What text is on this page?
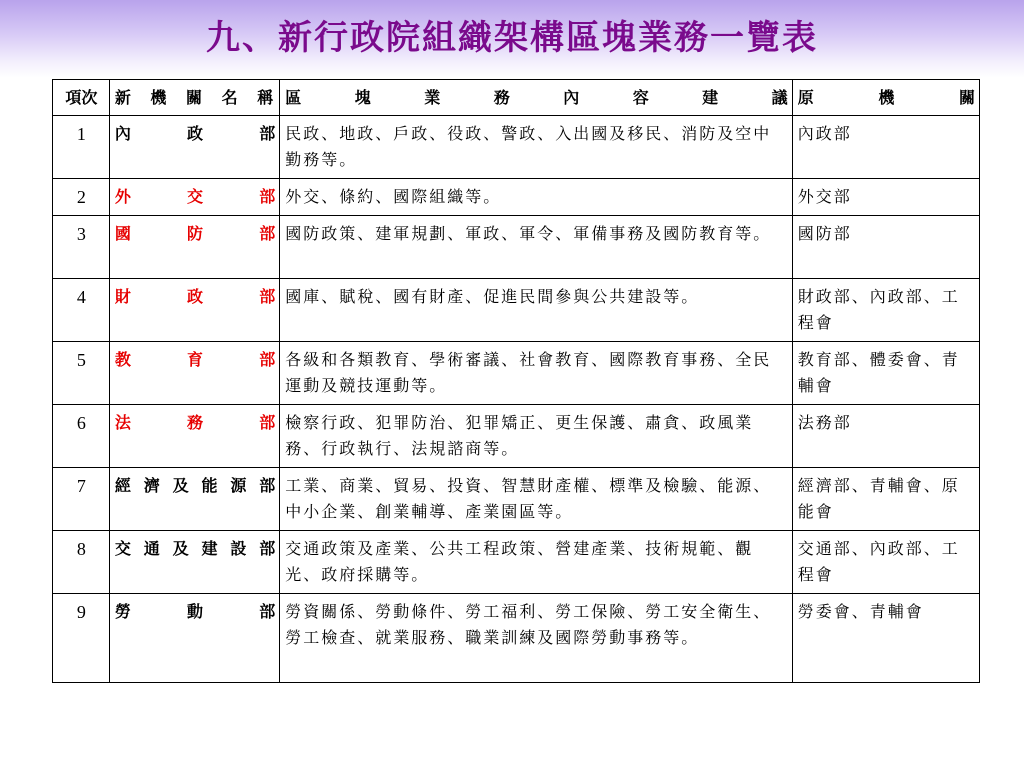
九、新行政院組織架構區塊業務一覽表
項次	新機關名稱	區塊業務內容建議	原機關
1	內政部	民政、地政、戶政、役政、警政、入出國及移民、消防及空中勤務等。	內政部
2	外交部	外交、條約、國際組織等。	外交部
3	國防部	國防政策、建軍規劃、軍政、軍令、軍備事務及國防教育等。	國防部
4	財政部	國庫、賦稅、國有財產、促進民間參與公共建設等。	財政部、內政部、工程會
5	教育部	各級和各類教育、學術審議、社會教育、國際教育事務、全民運動及競技運動等。	教育部、體委會、青輔會
6	法務部	檢察行政、犯罪防治、犯罪矯正、更生保護、肅貪、政風業務、行政執行、法規諮商等。	法務部
7	經濟及能源部	工業、商業、貿易、投資、智慧財產權、標準及檢驗、能源、中小企業、創業輔導、產業園區等。	經濟部、青輔會、原能會
8	交通及建設部	交通政策及產業、公共工程政策、營建產業、技術規範、觀光、政府採購等。	交通部、內政部、工程會
9	勞動部	勞資關係、勞動條件、勞工福利、勞工保險、勞工安全衛生、勞工檢查、就業服務、職業訓練及國際勞動事務等。	勞委會、青輔會
